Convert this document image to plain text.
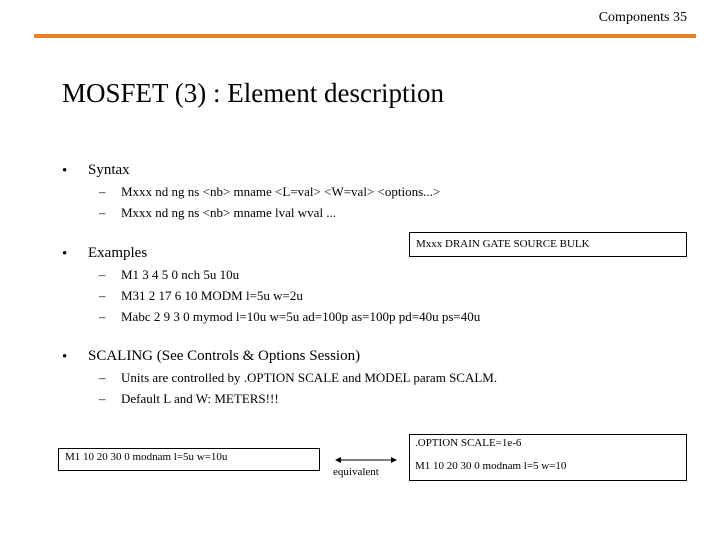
Components 35
MOSFET (3) : Element description
• Syntax
– Mxxx nd ng ns <nb> mname <L=val> <W=val> <options...>
– Mxxx nd ng ns <nb> mname lval wval ...
• Examples
Mxxx DRAIN GATE SOURCE BULK
– M1 3 4 5 0 nch 5u 10u
– M31 2 17 6 10 MODM l=5u w=2u
– Mabc 2 9 3 0 mymod l=10u w=5u ad=100p as=100p pd=40u ps=40u
• SCALING (See Controls & Options Session)
– Units are controlled by .OPTION SCALE and MODEL param SCALM.
– Default L and W: METERS!!!
M1 10 20 30 0 modnam l=5u w=10u
.OPTION SCALE=1e-6
M1 10 20 30 0 modnam l=5 w=10
equivalent
